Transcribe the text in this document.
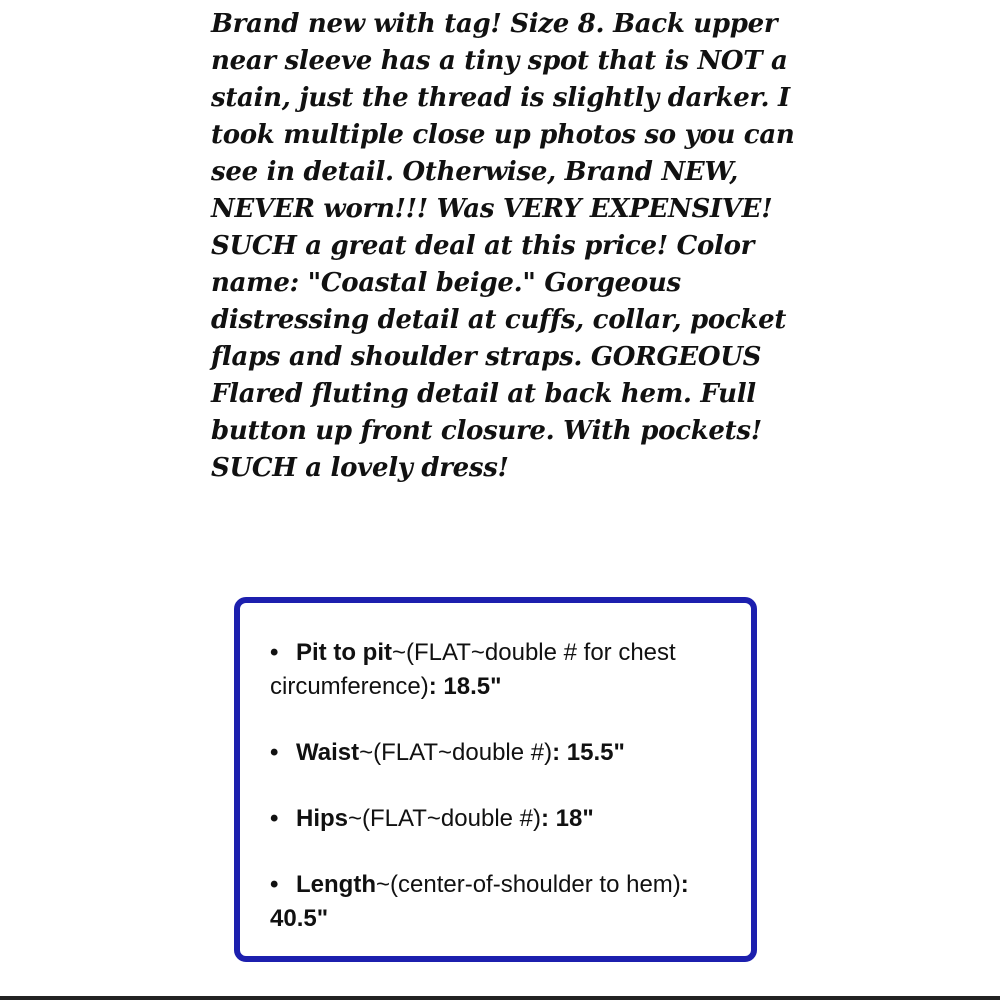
Brand new with tag! Size 8. Back upper near sleeve has a tiny spot that is NOT a stain, just the thread is slightly darker. I took multiple close up photos so you can see in detail. Otherwise, Brand NEW, NEVER worn!!! Was VERY EXPENSIVE! SUCH a great deal at this price! Color name: "Coastal beige." Gorgeous distressing detail at cuffs, collar, pocket flaps and shoulder straps. GORGEOUS Flared fluting detail at back hem. Full button up front closure. With pockets! SUCH a lovely dress!

• Pit to pit~(FLAT~double # for chest circumference): 18.5"
• Waist~(FLAT~double #): 15.5"
• Hips~(FLAT~double #): 18"
• Length~(center-of-shoulder to hem): 40.5"
